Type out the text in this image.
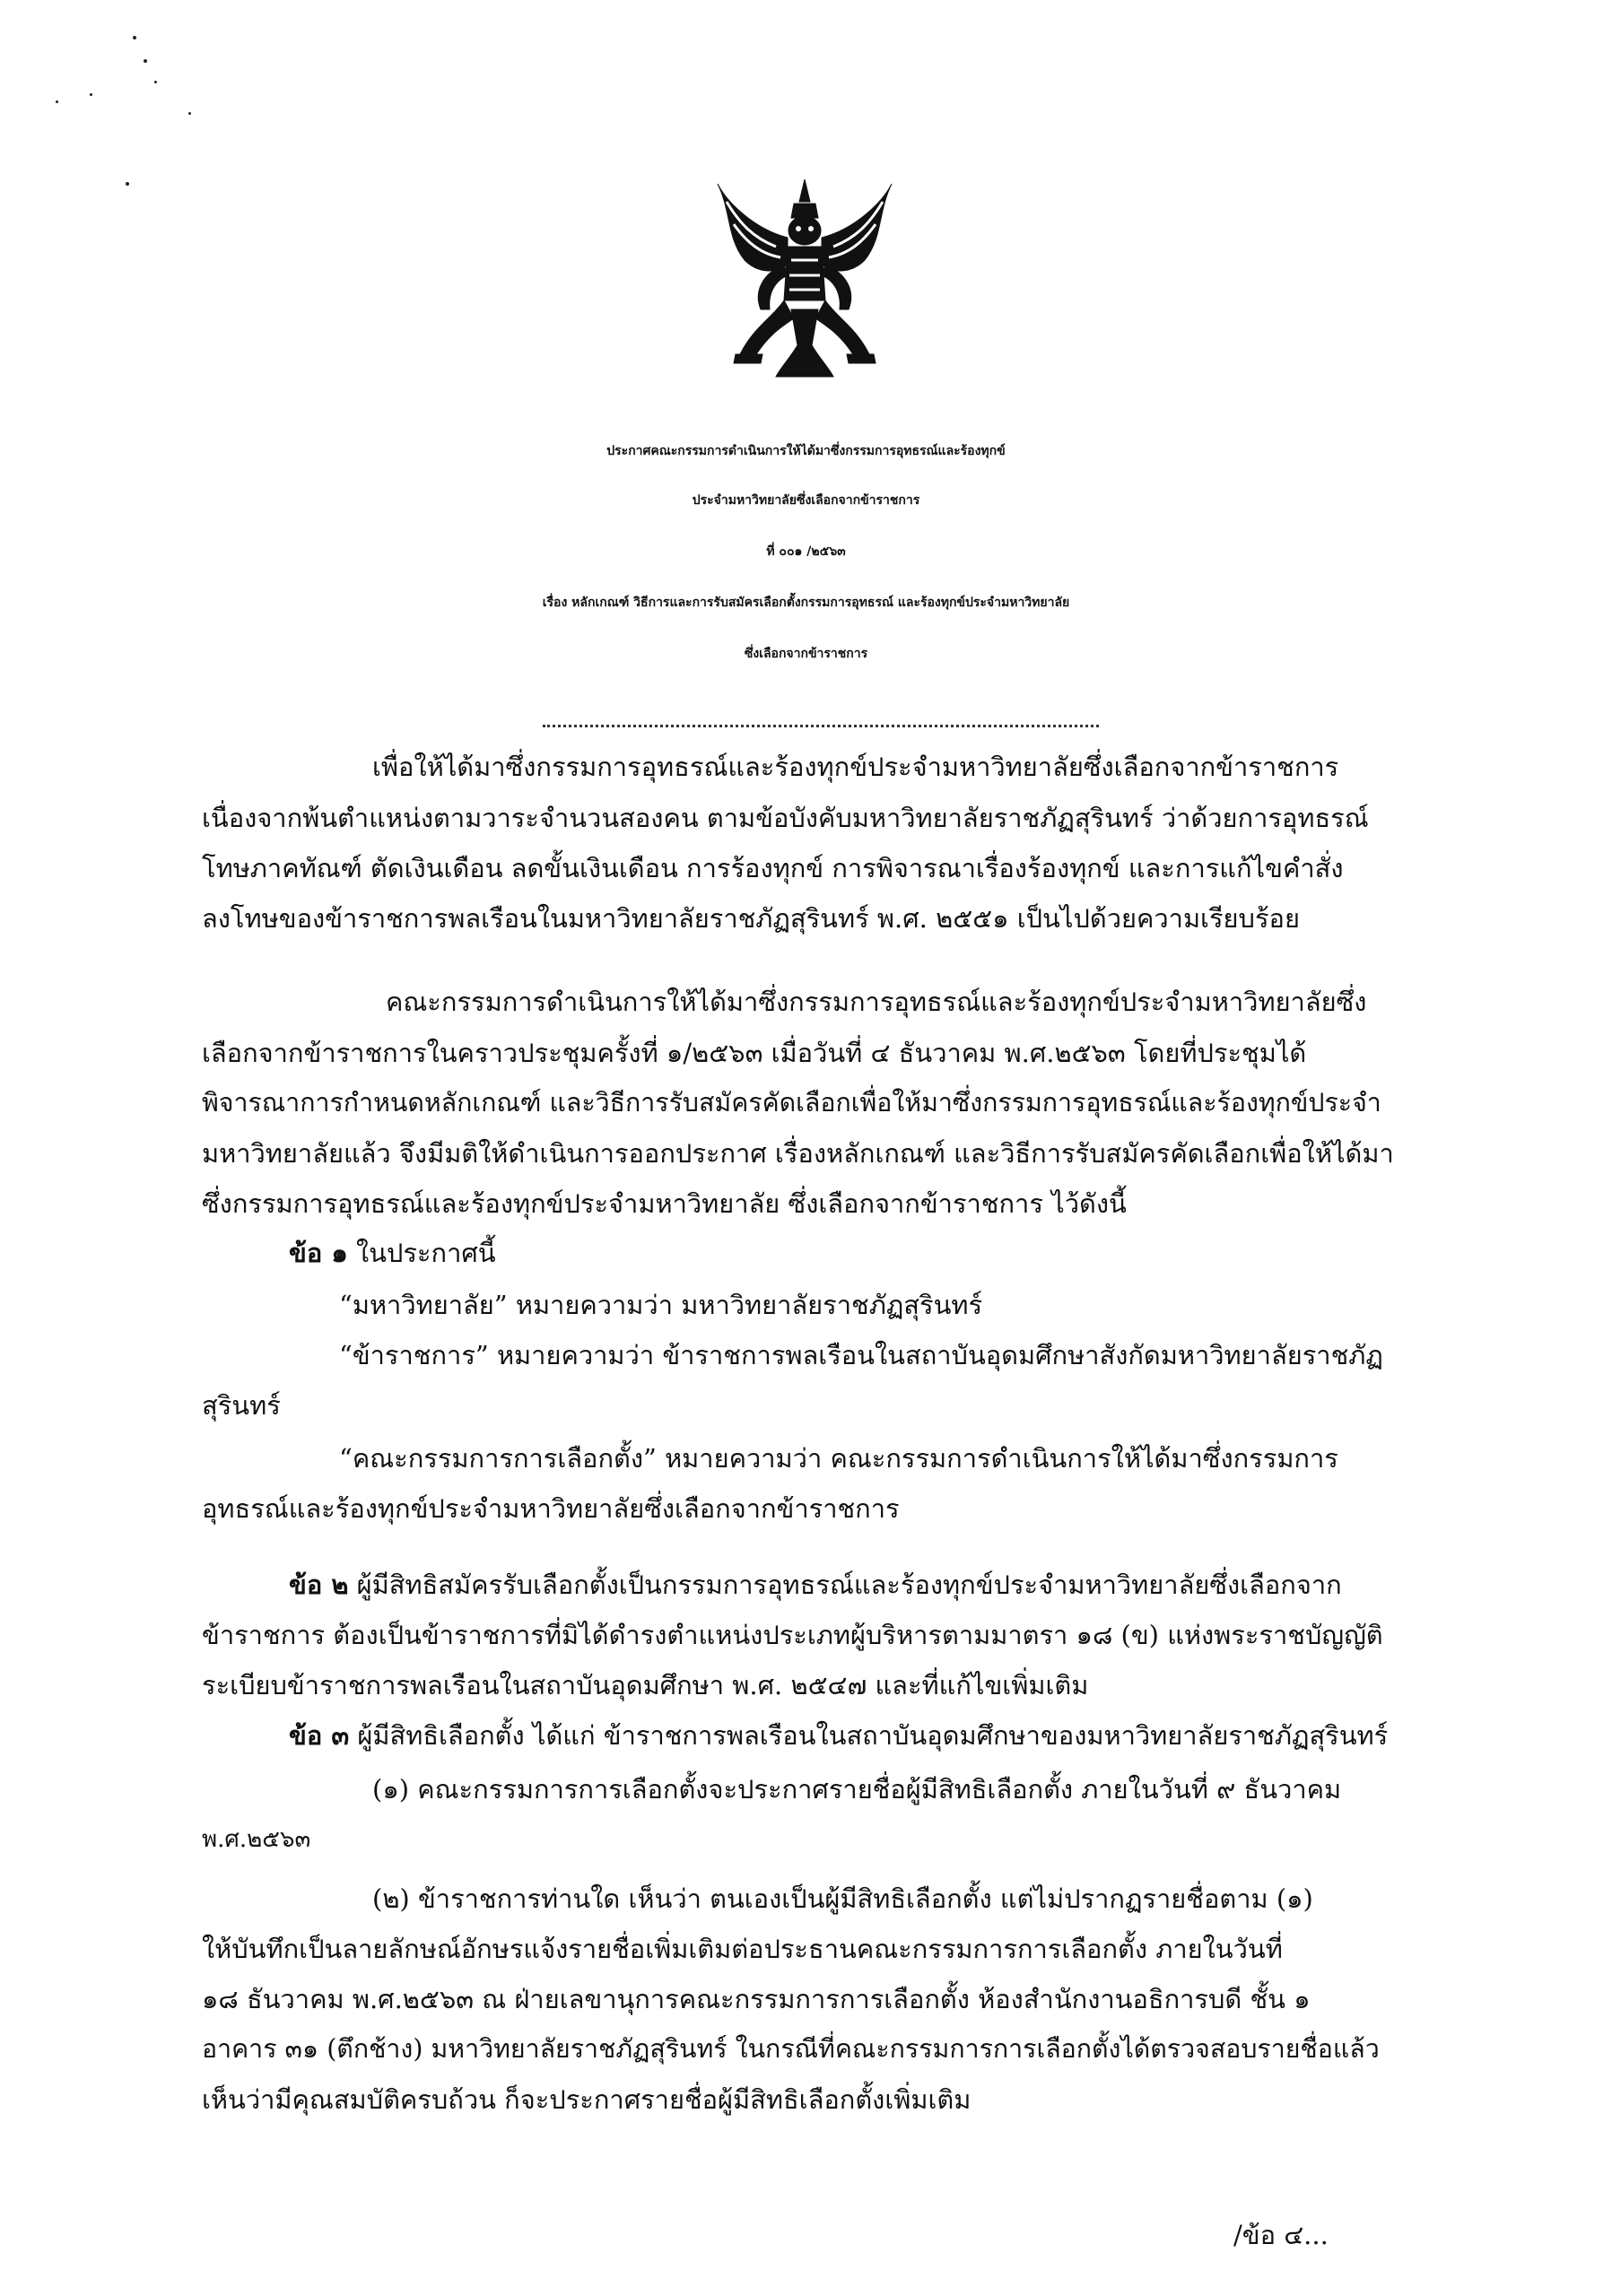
ประกาศคณะกรรมการดำเนินการให้ได้มาซึ่งกรรมการอุทธรณ์และร้องทุกข์
ประจำมหาวิทยาลัยซึ่งเลือกจากข้าราชการ
ที่ ๐๐๑ /๒๕๖๓
เรื่อง หลักเกณฑ์ วิธีการและการรับสมัครเลือกตั้งกรรมการอุทธรณ์ และร้องทุกข์ประจำมหาวิทยาลัย
ซึ่งเลือกจากข้าราชการ
เพื่อให้ได้มาซึ่งกรรมการอุทธรณ์และร้องทุกข์ประจำมหาวิทยาลัยซึ่งเลือกจากข้าราชการ
เนื่องจากพ้นตำแหน่งตามวาระจำนวนสองคน ตามข้อบังคับมหาวิทยาลัยราชภัฏสุรินทร์ ว่าด้วยการอุทธรณ์
โทษภาคทัณฑ์ ตัดเงินเดือน ลดขั้นเงินเดือน การร้องทุกข์ การพิจารณาเรื่องร้องทุกข์ และการแก้ไขคำสั่ง
ลงโทษของข้าราชการพลเรือนในมหาวิทยาลัยราชภัฏสุรินทร์ พ.ศ. ๒๕๕๑ เป็นไปด้วยความเรียบร้อย
คณะกรรมการดำเนินการให้ได้มาซึ่งกรรมการอุทธรณ์และร้องทุกข์ประจำมหาวิทยาลัยซึ่ง
เลือกจากข้าราชการในคราวประชุมครั้งที่ ๑/๒๕๖๓ เมื่อวันที่ ๔ ธันวาคม พ.ศ.๒๕๖๓ โดยที่ประชุมได้
พิจารณาการกำหนดหลักเกณฑ์ และวิธีการรับสมัครคัดเลือกเพื่อให้มาซึ่งกรรมการอุทธรณ์และร้องทุกข์ประจำ
มหาวิทยาลัยแล้ว จึงมีมติให้ดำเนินการออกประกาศ เรื่องหลักเกณฑ์ และวิธีการรับสมัครคัดเลือกเพื่อให้ได้มา
ซึ่งกรรมการอุทธรณ์และร้องทุกข์ประจำมหาวิทยาลัย ซึ่งเลือกจากข้าราชการ ไว้ดังนี้
ข้อ ๑ ในประกาศนี้
“มหาวิทยาลัย” หมายความว่า มหาวิทยาลัยราชภัฏสุรินทร์
“ข้าราชการ” หมายความว่า ข้าราชการพลเรือนในสถาบันอุดมศึกษาสังกัดมหาวิทยาลัยราชภัฏ
สุรินทร์
“คณะกรรมการการเลือกตั้ง” หมายความว่า คณะกรรมการดำเนินการให้ได้มาซึ่งกรรมการ
อุทธรณ์และร้องทุกข์ประจำมหาวิทยาลัยซึ่งเลือกจากข้าราชการ
ข้อ ๒ ผู้มีสิทธิสมัครรับเลือกตั้งเป็นกรรมการอุทธรณ์และร้องทุกข์ประจำมหาวิทยาลัยซึ่งเลือกจาก
ข้าราชการ ต้องเป็นข้าราชการที่มิได้ดำรงตำแหน่งประเภทผู้บริหารตามมาตรา ๑๘ (ข) แห่งพระราชบัญญัติ
ระเบียบข้าราชการพลเรือนในสถาบันอุดมศึกษา พ.ศ. ๒๕๔๗ และที่แก้ไขเพิ่มเติม
ข้อ ๓ ผู้มีสิทธิเลือกตั้ง ได้แก่ ข้าราชการพลเรือนในสถาบันอุดมศึกษาของมหาวิทยาลัยราชภัฏสุรินทร์
(๑) คณะกรรมการการเลือกตั้งจะประกาศรายชื่อผู้มีสิทธิเลือกตั้ง ภายในวันที่ ๙ ธันวาคม
พ.ศ.๒๕๖๓
(๒) ข้าราชการท่านใด เห็นว่า ตนเองเป็นผู้มีสิทธิเลือกตั้ง แต่ไม่ปรากฏรายชื่อตาม (๑)
ให้บันทึกเป็นลายลักษณ์อักษรแจ้งรายชื่อเพิ่มเติมต่อประธานคณะกรรมการการเลือกตั้ง ภายในวันที่
๑๘ ธันวาคม พ.ศ.๒๕๖๓ ณ ฝ่ายเลขานุการคณะกรรมการการเลือกตั้ง ห้องสำนักงานอธิการบดี ชั้น ๑
อาคาร ๓๑ (ตึกช้าง) มหาวิทยาลัยราชภัฏสุรินทร์ ในกรณีที่คณะกรรมการการเลือกตั้งได้ตรวจสอบรายชื่อแล้ว
เห็นว่ามีคุณสมบัติครบถ้วน ก็จะประกาศรายชื่อผู้มีสิทธิเลือกตั้งเพิ่มเติม
/ข้อ ๔...
